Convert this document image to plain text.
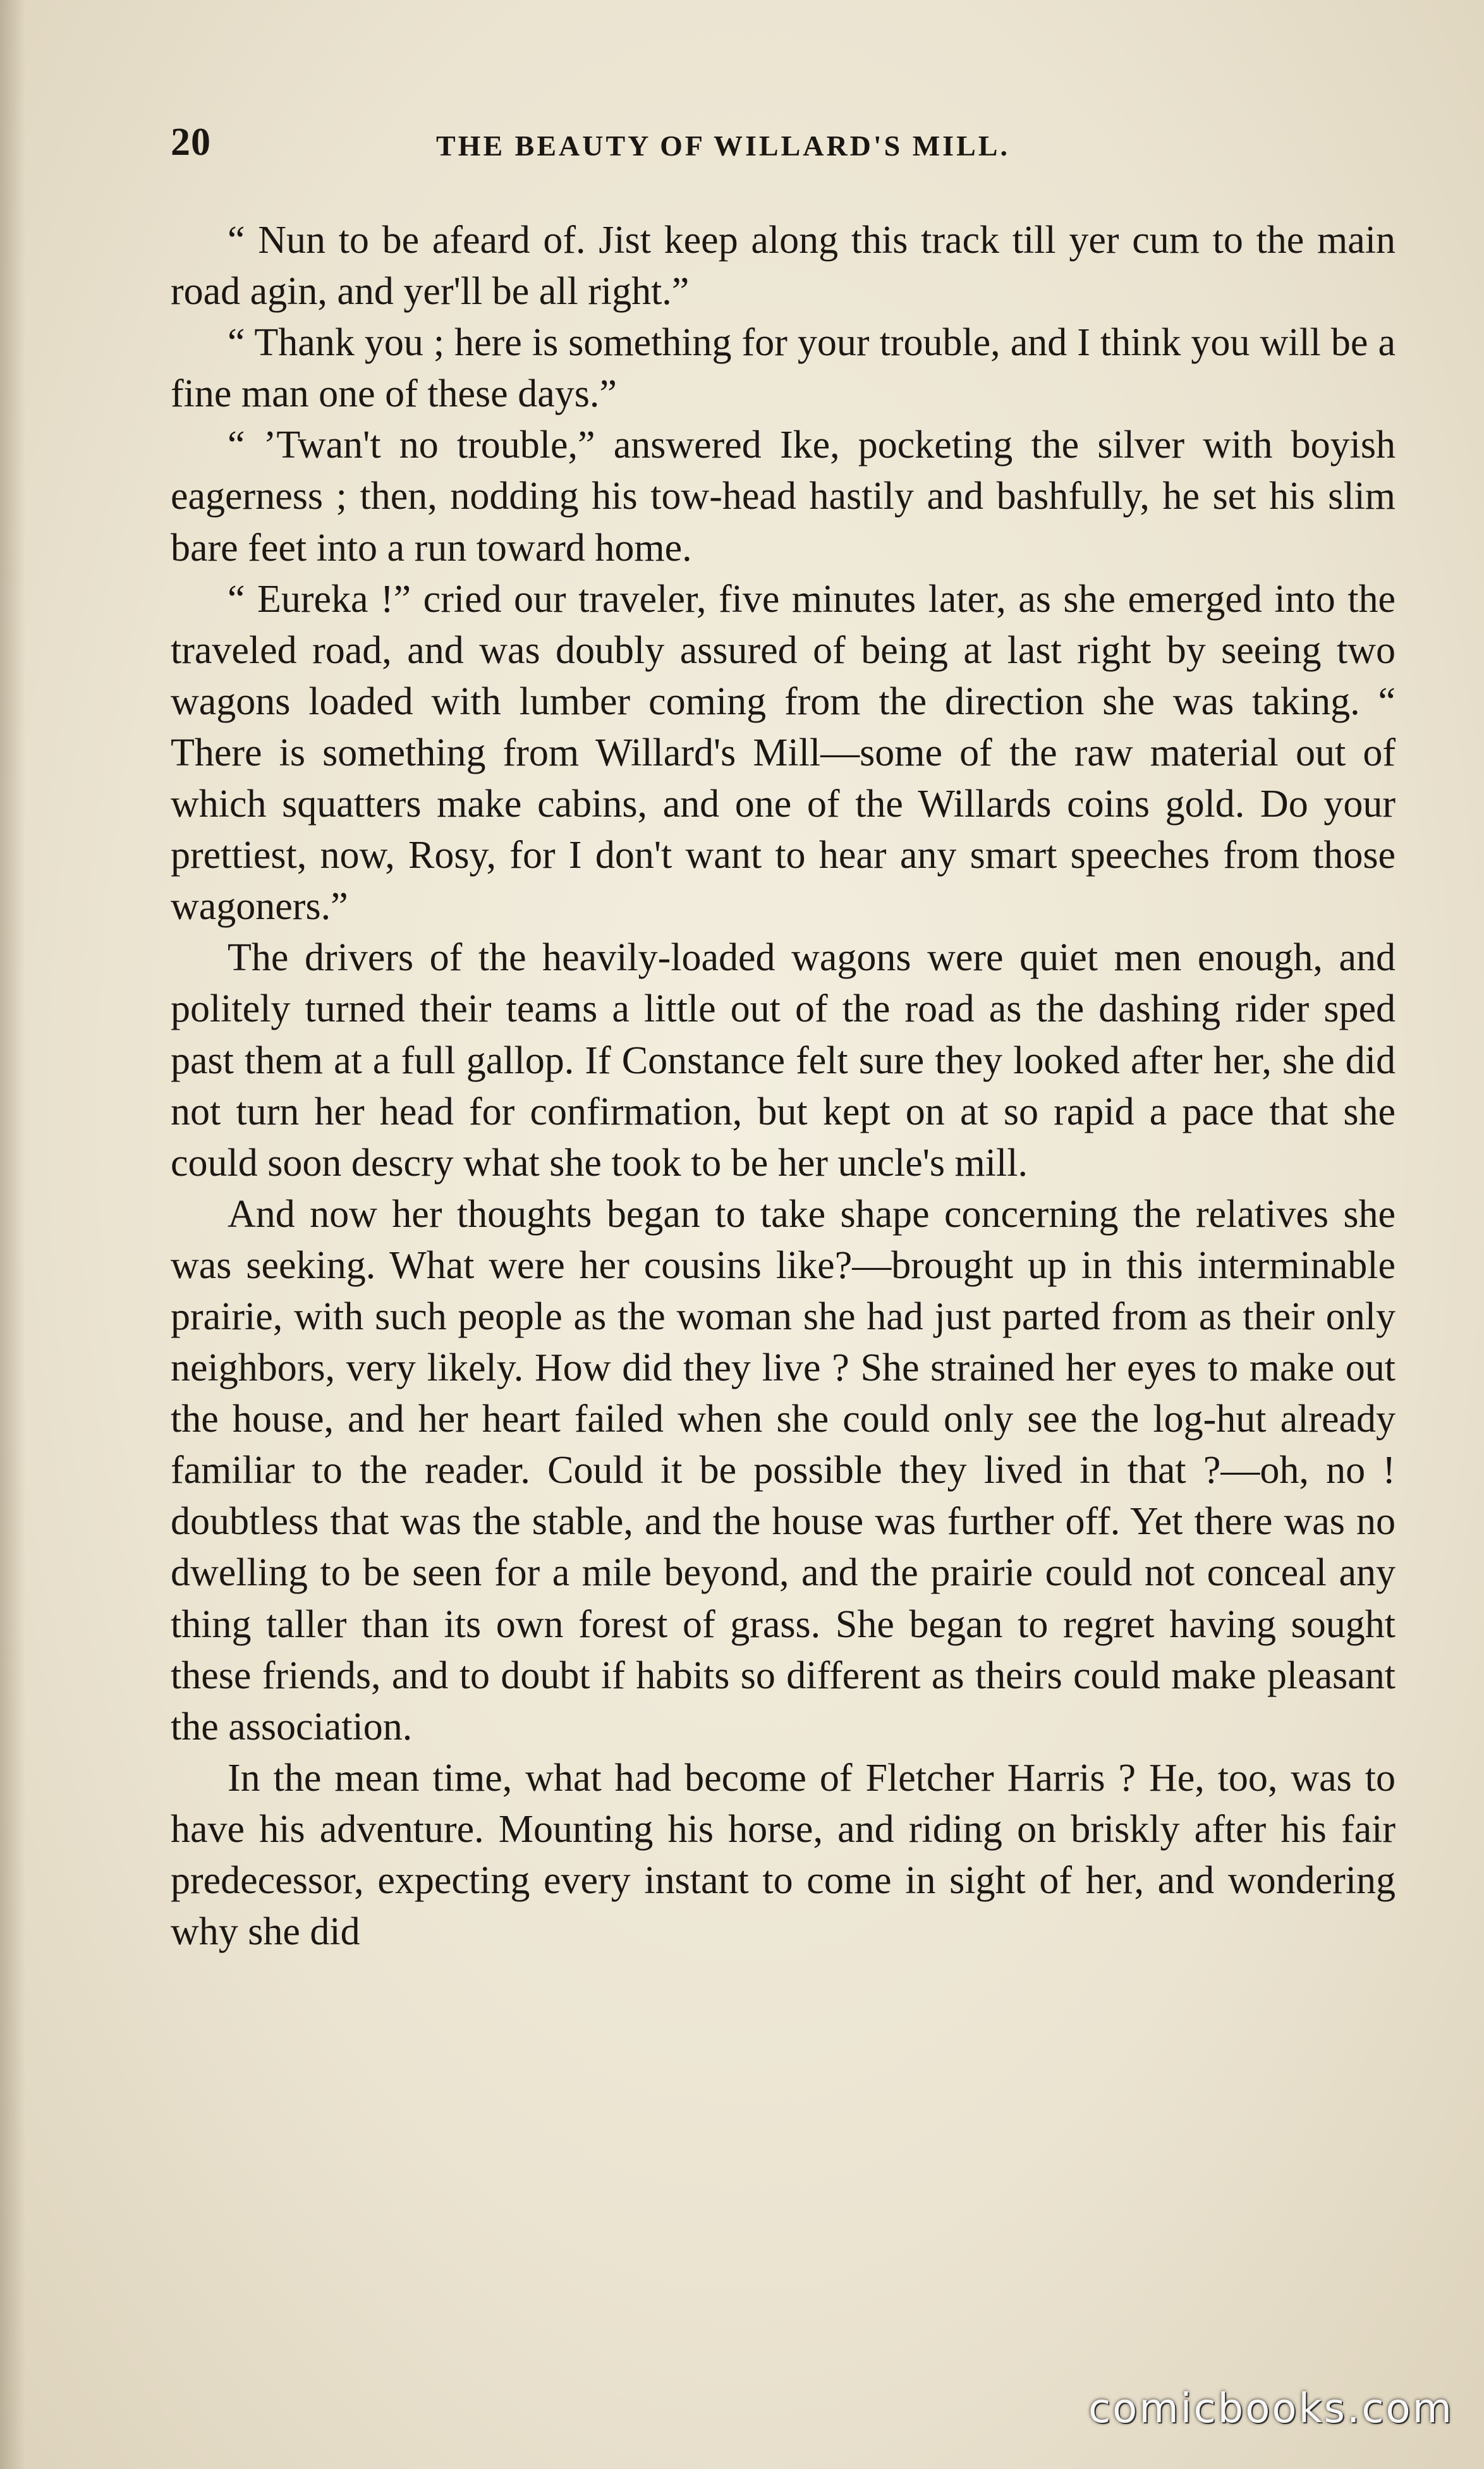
20	THE BEAUTY OF WILLARD'S MILL.

“ Nun to be afeard of. Jist keep along this track till yer cum to the main road agin, and yer'll be all right.”

“ Thank you ; here is something for your trouble, and I think you will be a fine man one of these days.”

“ ’Twan't no trouble,” answered Ike, pocketing the silver with boyish eagerness ; then, nodding his tow-head hastily and bashfully, he set his slim bare feet into a run toward home.

“ Eureka !” cried our traveler, five minutes later, as she emerged into the traveled road, and was doubly assured of being at last right by seeing two wagons loaded with lumber coming from the direction she was taking. “ There is something from Willard's Mill—some of the raw material out of which squatters make cabins, and one of the Willards coins gold. Do your prettiest, now, Rosy, for I don't want to hear any smart speeches from those wagoners.”

The drivers of the heavily-loaded wagons were quiet men enough, and politely turned their teams a little out of the road as the dashing rider sped past them at a full gallop. If Constance felt sure they looked after her, she did not turn her head for confirmation, but kept on at so rapid a pace that she could soon descry what she took to be her uncle's mill.

And now her thoughts began to take shape concerning the relatives she was seeking. What were her cousins like?—brought up in this interminable prairie, with such people as the woman she had just parted from as their only neighbors, very likely. How did they live ? She strained her eyes to make out the house, and her heart failed when she could only see the log-hut already familiar to the reader. Could it be possible they lived in that ?—oh, no ! doubtless that was the stable, and the house was further off. Yet there was no dwelling to be seen for a mile beyond, and the prairie could not conceal any thing taller than its own forest of grass. She began to regret having sought these friends, and to doubt if habits so different as theirs could make pleasant the association.

In the mean time, what had become of Fletcher Harris ? He, too, was to have his adventure. Mounting his horse, and riding on briskly after his fair predecessor, expecting every instant to come in sight of her, and wondering why she did

comicbooks.com
